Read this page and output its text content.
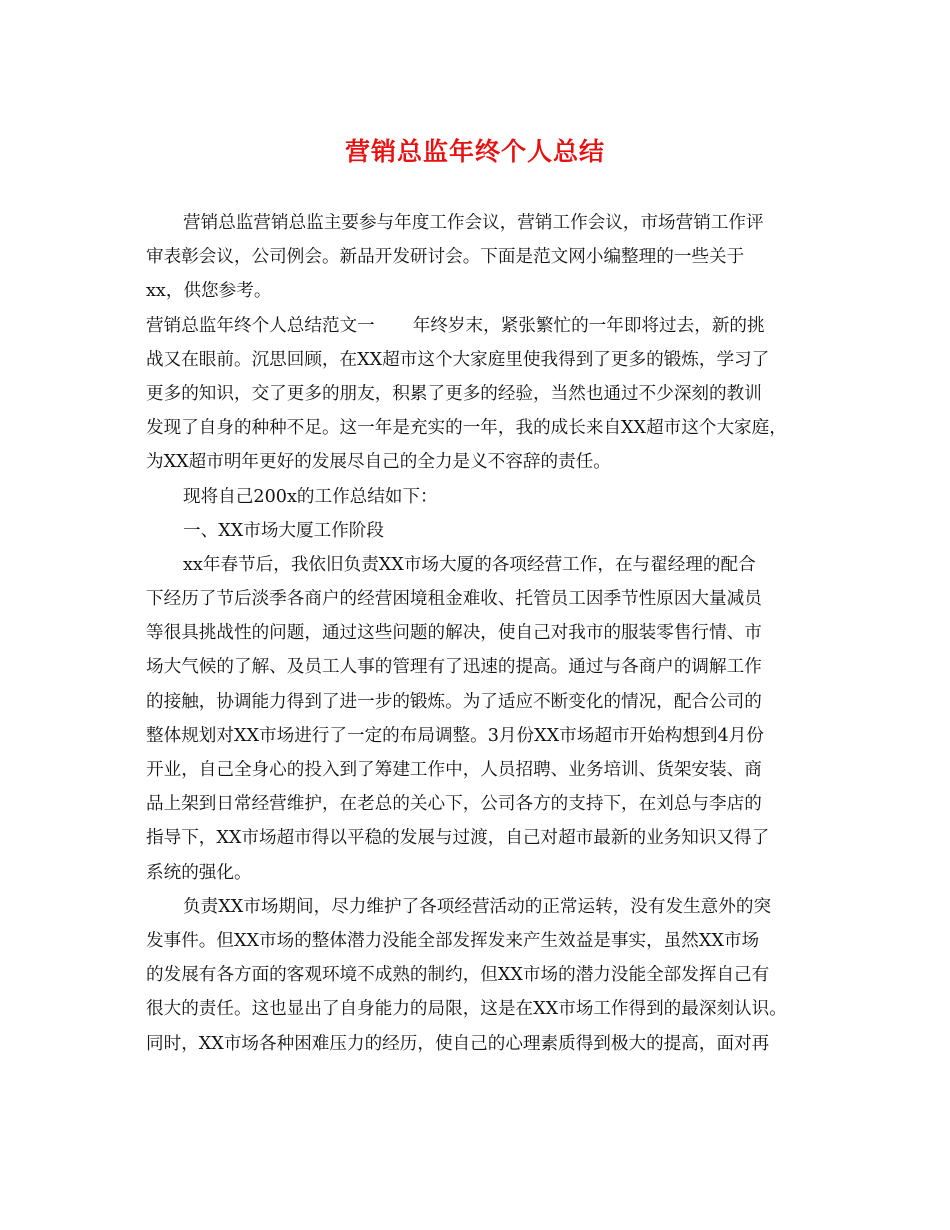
营销总监年终个人总结
营销总监营销总监主要参与年度工作会议，营销工作会议，市场营销工作评
审表彰会议，公司例会。新品开发研讨会。下面是范文网小编整理的一些关于
xx，供您参考。
营销总监年终个人总结范文一 年终岁末，紧张繁忙的一年即将过去，新的挑
战又在眼前。沉思回顾，在XX超市这个大家庭里使我得到了更多的锻炼，学习了
更多的知识，交了更多的朋友，积累了更多的经验，当然也通过不少深刻的教训
发现了自身的种种不足。这一年是充实的一年，我的成长来自XX超市这个大家庭，
为XX超市明年更好的发展尽自己的全力是义不容辞的责任。
现将自己200x的工作总结如下：
一、XX市场大厦工作阶段
xx年春节后，我依旧负责XX市场大厦的各项经营工作，在与翟经理的配合
下经历了节后淡季各商户的经营困境租金难收、托管员工因季节性原因大量减员
等很具挑战性的问题，通过这些问题的解决，使自己对我市的服装零售行情、市
场大气候的了解、及员工人事的管理有了迅速的提高。通过与各商户的调解工作
的接触，协调能力得到了进一步的锻炼。为了适应不断变化的情况，配合公司的
整体规划对XX市场进行了一定的布局调整。3月份XX市场超市开始构想到4月份
开业，自己全身心的投入到了筹建工作中，人员招聘、业务培训、货架安装、商
品上架到日常经营维护，在老总的关心下，公司各方的支持下，在刘总与李店的
指导下，XX市场超市得以平稳的发展与过渡，自己对超市最新的业务知识又得了
系统的强化。
负责XX市场期间，尽力维护了各项经营活动的正常运转，没有发生意外的突
发事件。但XX市场的整体潜力没能全部发挥发来产生效益是事实，虽然XX市场
的发展有各方面的客观环境不成熟的制约，但XX市场的潜力没能全部发挥自己有
很大的责任。这也显出了自身能力的局限，这是在XX市场工作得到的最深刻认识。
同时，XX市场各种困难压力的经历，使自己的心理素质得到极大的提高，面对再
